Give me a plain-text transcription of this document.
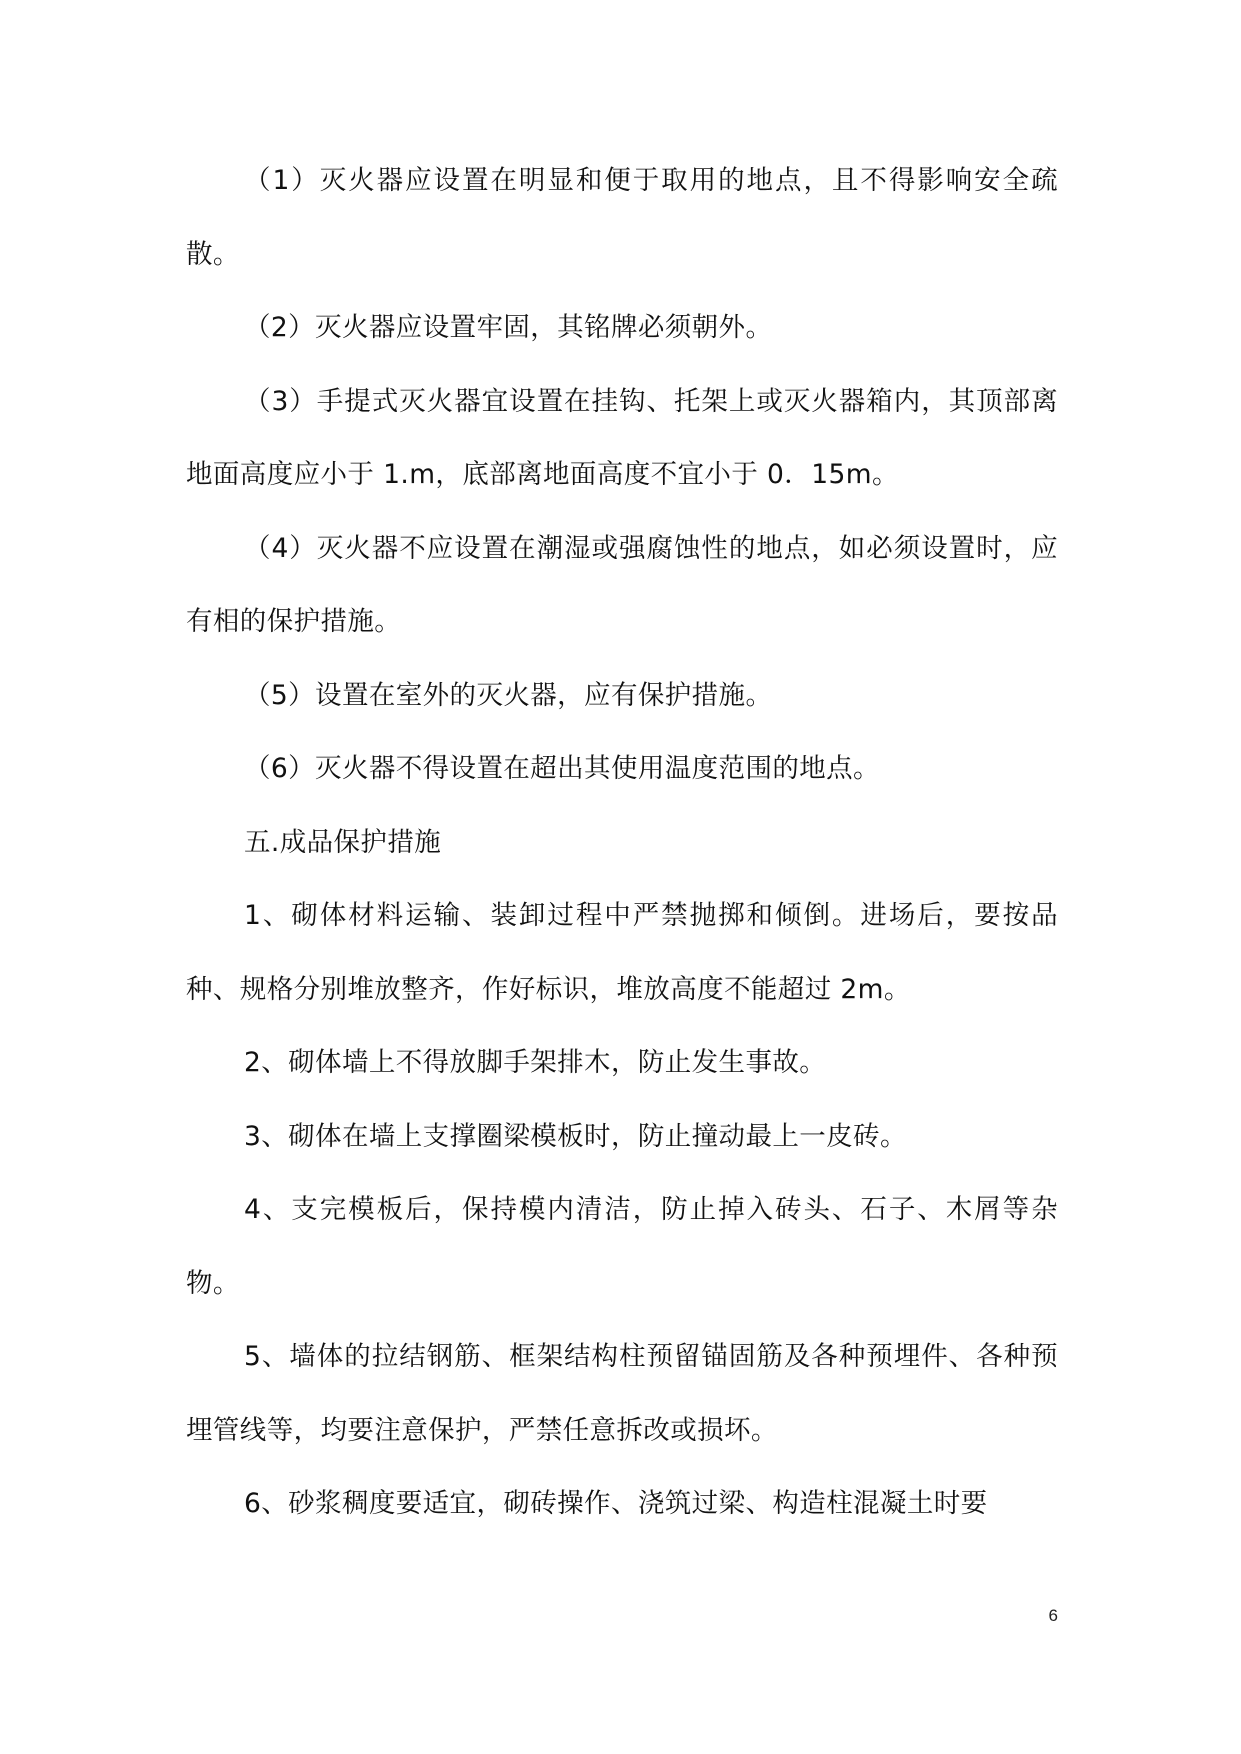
（1）灭火器应设置在明显和便于取用的地点，且不得影响安全疏散。

（2）灭火器应设置牢固，其铭牌必须朝外。

（3）手提式灭火器宜设置在挂钩、托架上或灭火器箱内，其顶部离地面高度应小于 1.m，底部离地面高度不宜小于 0．15m。

（4）灭火器不应设置在潮湿或强腐蚀性的地点，如必须设置时，应有相的保护措施。

（5）设置在室外的灭火器，应有保护措施。

（6）灭火器不得设置在超出其使用温度范围的地点。

五.成品保护措施

1、砌体材料运输、装卸过程中严禁抛掷和倾倒。进场后，要按品种、规格分别堆放整齐，作好标识，堆放高度不能超过 2m。

2、砌体墙上不得放脚手架排木，防止发生事故。

3、砌体在墙上支撑圈梁模板时，防止撞动最上一皮砖。

4、支完模板后，保持模内清洁，防止掉入砖头、石子、木屑等杂物。

5、墙体的拉结钢筋、框架结构柱预留锚固筋及各种预埋件、各种预埋管线等，均要注意保护，严禁任意拆改或损坏。

6、砂浆稠度要适宜，砌砖操作、浇筑过梁、构造柱混凝土时要

6
